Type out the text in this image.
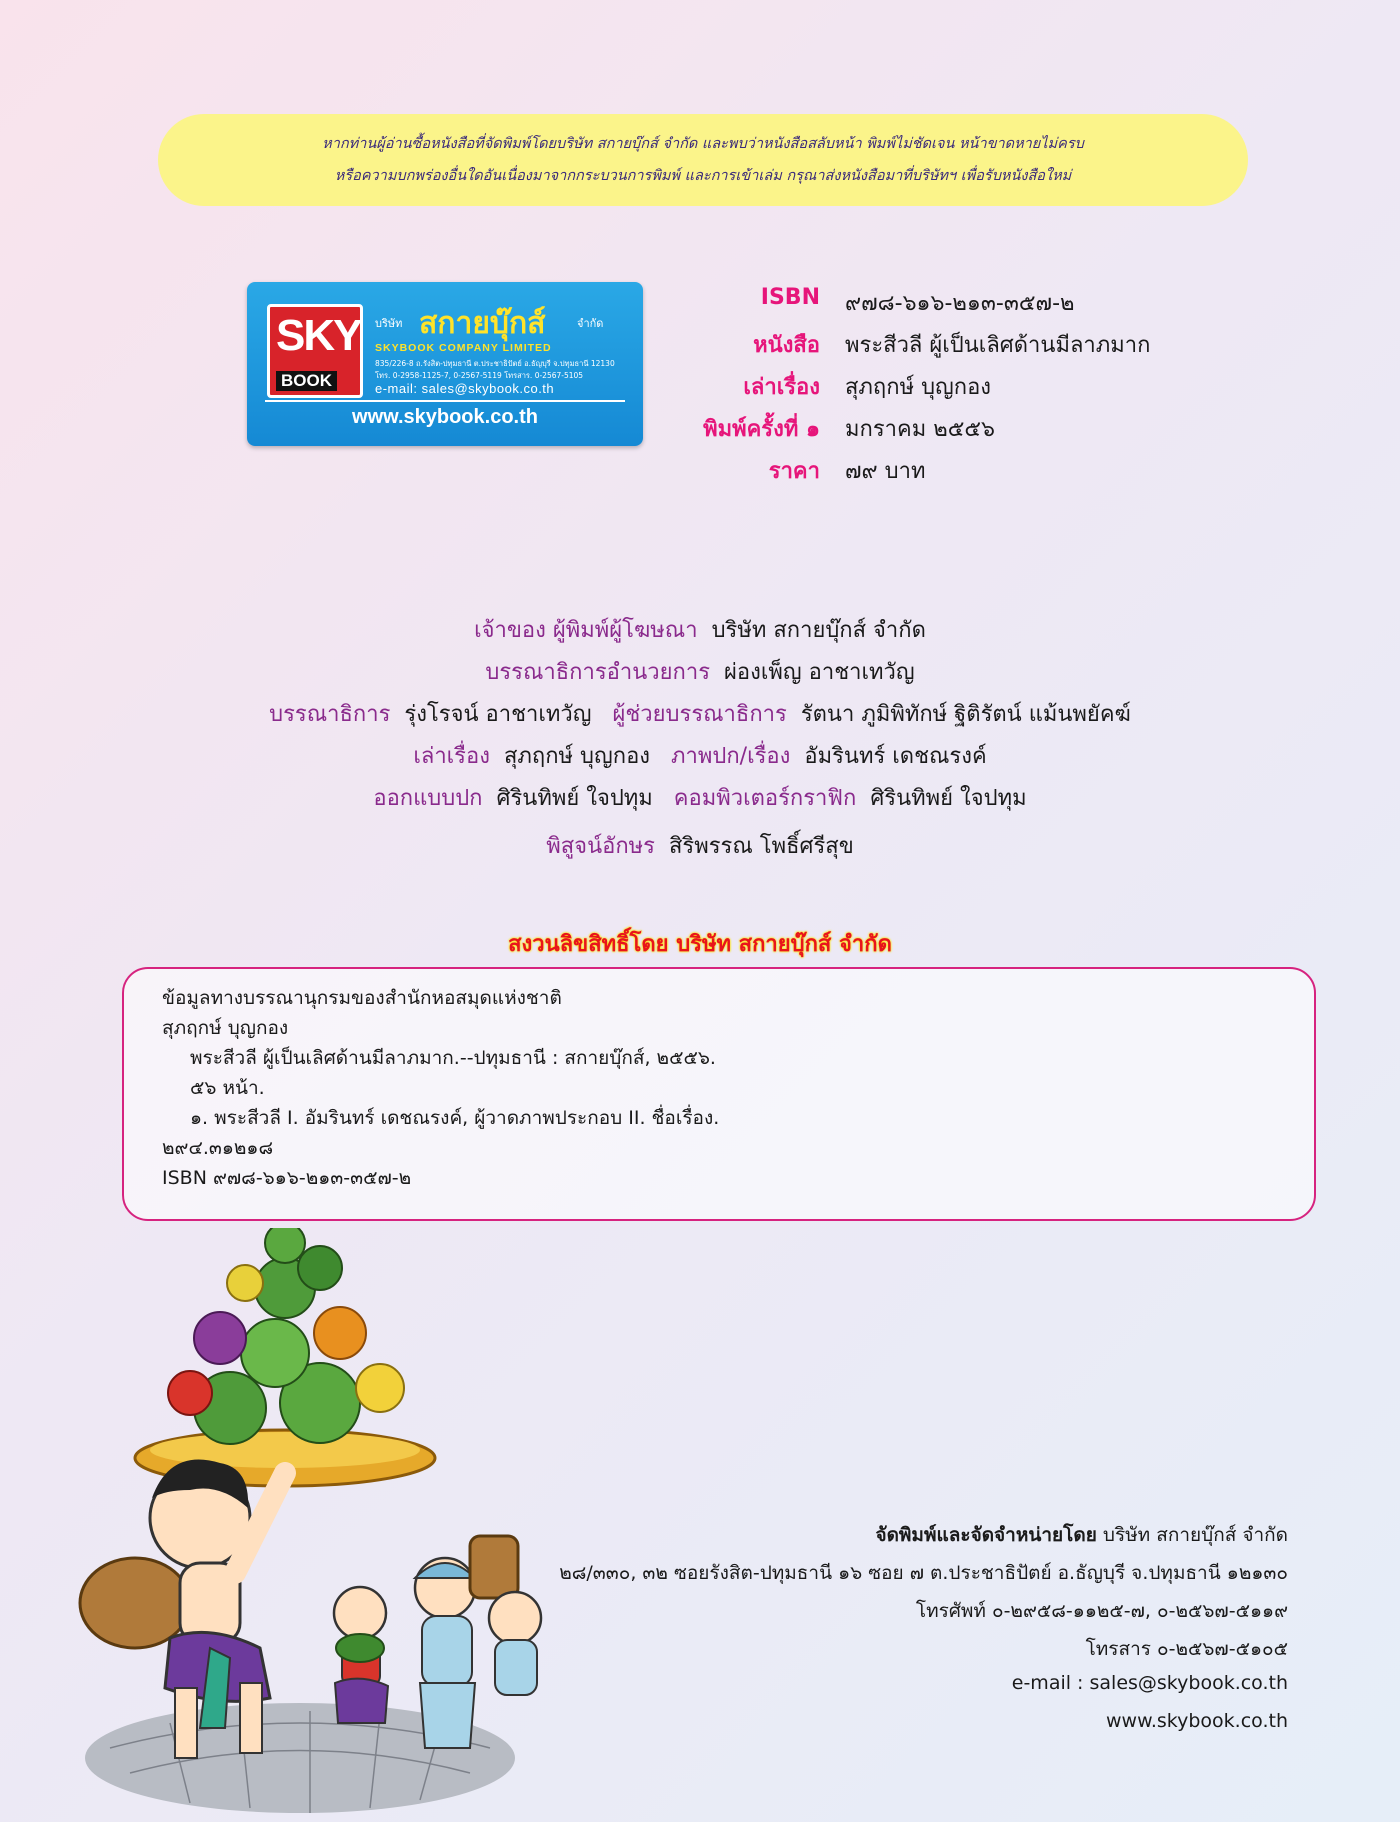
หากท่านผู้อ่านซื้อหนังสือที่จัดพิมพ์โดยบริษัท สกายบุ๊กส์ จำกัด และพบว่าหนังสือสลับหน้า พิมพ์ไม่ชัดเจน หน้าขาดหายไม่ครบ
หรือความบกพร่องอื่นใดอันเนื่องมาจากกระบวนการพิมพ์ และการเข้าเล่ม กรุณาส่งหนังสือมาที่บริษัทฯ เพื่อรับหนังสือใหม่
SKY
BOOK
บริษัท สกายบุ๊กส์	จำกัด
SKYBOOK COMPANY LIMITED
835/226-8 ถ.รังสิต-ปทุมธานี ต.ประชาธิปัตย์ อ.ธัญบุรี จ.ปทุมธานี 12130
โทร. 0-2958-1125-7, 0-2567-5119 โทรสาร. 0-2567-5105
e-mail: sales@skybook.co.th
www.skybook.co.th
ISBN ๙๗๘-๖๑๖-๒๑๓-๓๕๗-๒
หนังสือ พระสีวลี ผู้เป็นเลิศด้านมีลาภมาก
เล่าเรื่อง สุภฤกษ์ บุญกอง
พิมพ์ครั้งที่ ๑ มกราคม ๒๕๕๖
ราคา ๗๙ บาท
เจ้าของ ผู้พิมพ์ผู้โฆษณา บริษัท สกายบุ๊กส์ จำกัด
บรรณาธิการอำนวยการ ผ่องเพ็ญ อาชาเทวัญ
บรรณาธิการ รุ่งโรจน์ อาชาเทวัญ ผู้ช่วยบรรณาธิการ รัตนา ภูมิพิทักษ์ ฐิติรัตน์ แม้นพยัคฆ์
เล่าเรื่อง สุภฤกษ์ บุญกอง ภาพปก/เรื่อง อัมรินทร์ เดชณรงค์
ออกแบบปก ศิรินทิพย์ ใจปทุม คอมพิวเตอร์กราฟิก ศิรินทิพย์ ใจปทุม
พิสูจน์อักษร สิริพรรณ โพธิ์ศรีสุข
สงวนลิขสิทธิ์โดย บริษัท สกายบุ๊กส์ จำกัด
ข้อมูลทางบรรณานุกรมของสำนักหอสมุดแห่งชาติ
สุภฤกษ์ บุญกอง
พระสีวลี ผู้เป็นเลิศด้านมีลาภมาก.--ปทุมธานี : สกายบุ๊กส์, ๒๕๕๖.
๕๖ หน้า.
๑. พระสีวลี I. อัมรินทร์ เดชณรงค์, ผู้วาดภาพประกอบ II. ชื่อเรื่อง.
๒๙๔.๓๑๒๑๘
ISBN ๙๗๘-๖๑๖-๒๑๓-๓๕๗-๒
จัดพิมพ์และจัดจำหน่ายโดย บริษัท สกายบุ๊กส์ จำกัด
๒๘/๓๓๐, ๓๒ ซอยรังสิต-ปทุมธานี ๑๖ ซอย ๗ ต.ประชาธิปัตย์ อ.ธัญบุรี จ.ปทุมธานี ๑๒๑๓๐
โทรศัพท์ ๐-๒๙๕๘-๑๑๒๕-๗, ๐-๒๕๖๗-๕๑๑๙
โทรสาร ๐-๒๕๖๗-๕๑๐๕
e-mail : sales@skybook.co.th
www.skybook.co.th
